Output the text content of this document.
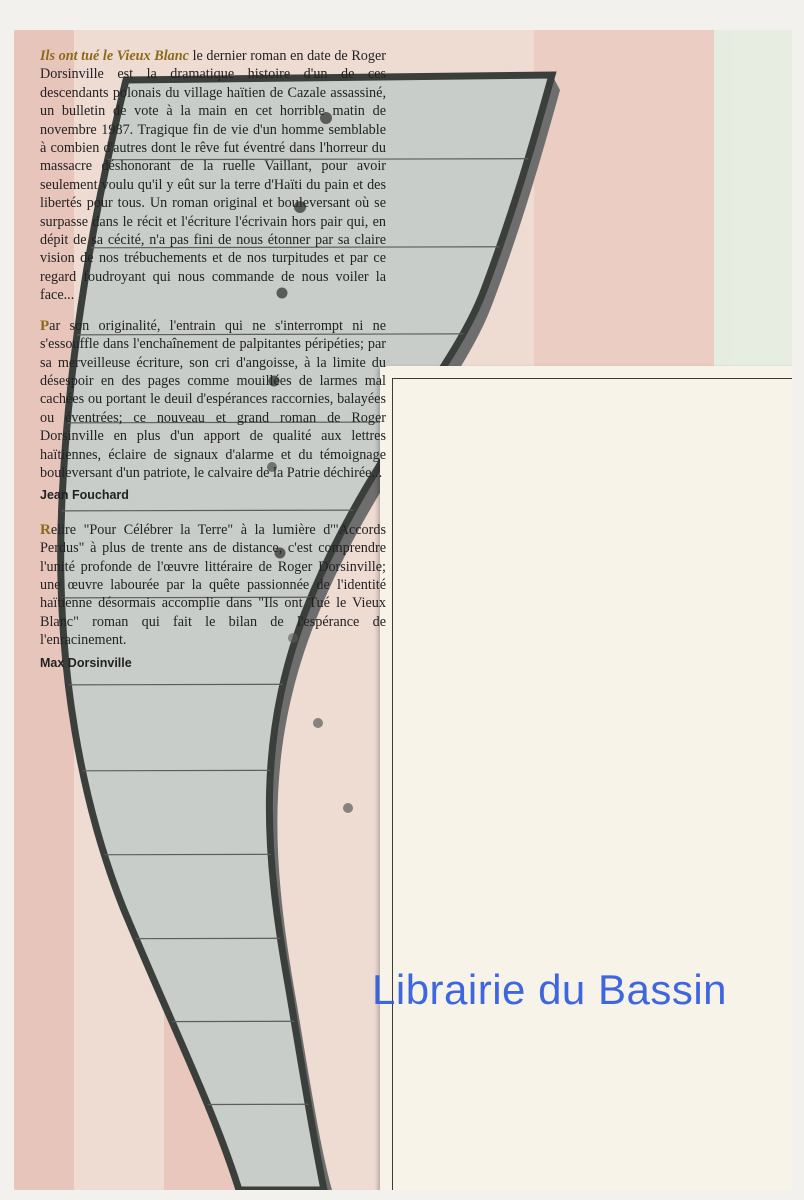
Ils ont tué le Vieux Blanc le dernier roman en date de Roger Dorsinville est la dramatique histoire d'un de ces descendants polonais du village haïtien de Cazale assassiné, un bulletin de vote à la main en cet horrible matin de novembre 1987. Tragique fin de vie d'un homme semblable à combien d'autres dont le rêve fut éventré dans l'horreur du massacre déshonorant de la ruelle Vaillant, pour avoir seulement voulu qu'il y eût sur la terre d'Haïti du pain et des libertés pour tous. Un roman original et bouleversant où se surpasse dans le récit et l'écriture l'écrivain hors pair qui, en dépit de sa cécité, n'a pas fini de nous étonner par sa claire vision de nos trébuchements et de nos turpitudes et par ce regard foudroyant qui nous commande de nous voiler la face...

Par son originalité, l'entrain qui ne s'interrompt ni ne s'essouffle dans l'enchaînement de palpitantes péripéties; par sa merveilleuse écriture, son cri d'angoisse, à la limite du désespoir en des pages comme mouillées de larmes mal cachées ou portant le deuil d'espérances raccornies, balayées ou éventrées; ce nouveau et grand roman de Roger Dorsinville en plus d'un apport de qualité aux lettres haïtiennes, éclaire de signaux d'alarme et du témoignage bouleversant d'un patriote, le calvaire de la Patrie déchirée...

Jean Fouchard

Relire "Pour Célébrer la Terre" à la lumière d'"Accords Perdus" à plus de trente ans de distance, c'est comprendre l'unité profonde de l'œuvre littéraire de Roger Dorsinville; une œuvre labourée par la quête passionnée de l'identité haïtienne désormais accomplie dans "Ils ont Tué le Vieux Blanc" roman qui fait le bilan de l'espérance de l'enracinement.

Max Dorsinville
Librairie du Bassin
